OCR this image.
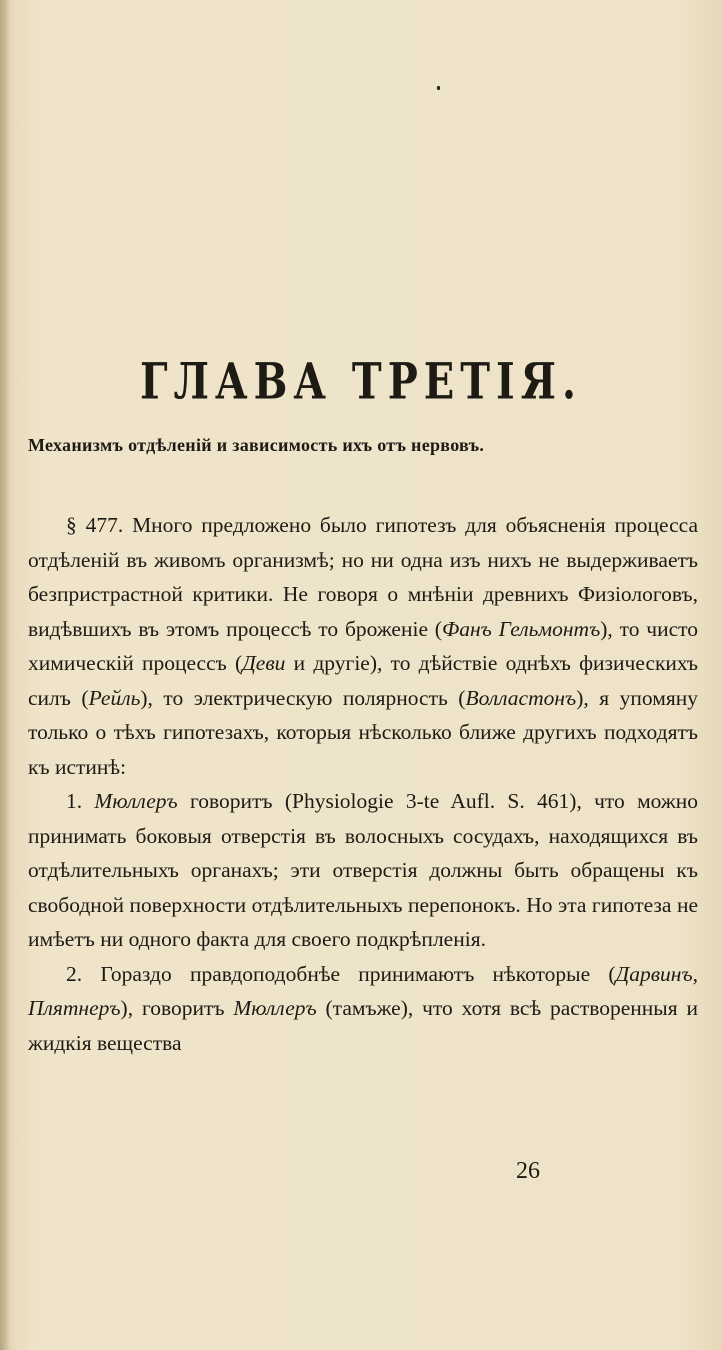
ГЛАВА ТРЕТІЯ.
Механизмъ отдѣленій и зависимость ихъ отъ нервовъ.

§ 477. Много предложено было гипотезъ для объясненія процесса отдѣленій въ живомъ организмѣ; но ни одна изъ нихъ не выдерживаетъ безпристрастной критики. Не говоря о мнѣніи древнихъ Физіологовъ, видѣвшихъ въ этомъ процессѣ то броженіе (Фанъ Гельмонтъ), то чисто химическій процессъ (Деви и другіе), то дѣйствіе однѣхъ физическихъ силъ (Рейль), то электрическую полярность (Волластонъ), я упомяну только о тѣхъ гипотезахъ, которыя нѣсколько ближе другихъ подходятъ къ истинѣ:

1. Мюллеръ говоритъ (Physiologie 3-te Aufl. S. 461), что можно принимать боковыя отверстія въ волосныхъ сосудахъ, находящихся въ отдѣлительныхъ органахъ; эти отверстія должны быть обращены къ свободной поверхности отдѣлительныхъ перепонокъ. Но эта гипотеза не имѣетъ ни одного факта для своего подкрѣпленія.

2. Гораздо правдоподобнѣе принимаютъ нѣкоторые (Дарвинъ, Плятнеръ), говоритъ Мюллеръ (тамъже), что хотя всѣ растворенныя и жидкія вещества

26
